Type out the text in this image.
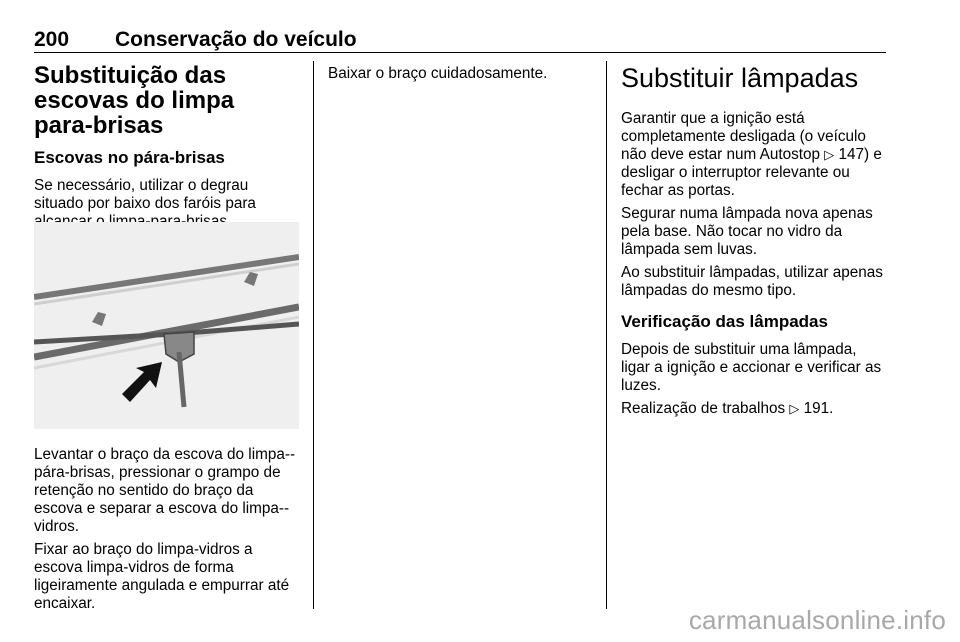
200 Conservação do veículo
Substituição das escovas do limpa para-brisas
Escovas no pára-brisas

Se necessário, utilizar o degrau situado por baixo dos faróis para

Levantar o braço da escova do limpa--pára-brisas, pressionar o grampo de retenção no sentido do braço da escova e separar a escova do limpa--vidros.

Fixar ao braço do limpa-vidros a escova limpa-vidros de forma ligeiramente angulada e empurrar até encaixar.

Baixar o braço cuidadosamente.	Substituir lâmpadas

Garantir que a ignição está completamente desligada (o veículo não deve estar num Autostop ▷ 147) e desligar o interruptor relevante ou fechar as portas.

Segurar numa lâmpada nova apenas pela base. Não tocar no vidro da lâmpada sem luvas.

Ao substituir lâmpadas, utilizar apenas lâmpadas do mesmo tipo.

Verificação das lâmpadas

Depois de substituir uma lâmpada, ligar a ignição e accionar e verificar as luzes.

Realização de trabalhos ▷ 191.

carmanualsonline.info
